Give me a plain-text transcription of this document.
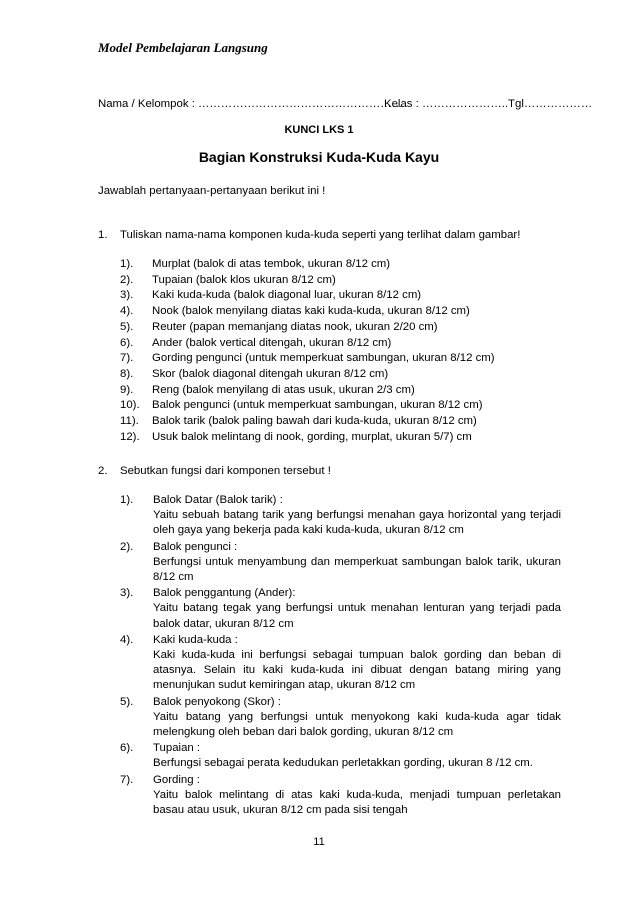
Model Pembelajaran Langsung
Nama / Kelompok : ………………………………………………
Kelas : …………………..Tgl………………
KUNCI LKS 1
Bagian Konstruksi Kuda-Kuda Kayu
Jawablah pertanyaan-pertanyaan berikut ini !
1. Tuliskan nama-nama komponen kuda-kuda seperti yang terlihat dalam gambar!
1).	Murplat (balok di atas tembok, ukuran 8/12 cm)
2).	Tupaian (balok klos ukuran 8/12 cm)
3).	Kaki kuda-kuda (balok diagonal luar, ukuran 8/12 cm)
4).	Nook (balok menyilang diatas kaki kuda-kuda, ukuran 8/12 cm)
5).	Reuter (papan memanjang diatas nook, ukuran 2/20 cm)
6).	Ander (balok vertical ditengah, ukuran 8/12 cm)
7).	Gording pengunci (untuk memperkuat sambungan, ukuran 8/12 cm)
8).	Skor (balok diagonal ditengah ukuran 8/12 cm)
9).	Reng (balok menyilang di atas usuk, ukuran 2/3 cm)
10).	Balok pengunci (untuk memperkuat sambungan, ukuran 8/12 cm)
11).	Balok tarik (balok paling bawah dari kuda-kuda, ukuran 8/12 cm)
12).	Usuk balok melintang di nook, gording, murplat, ukuran 5/7) cm
2. Sebutkan fungsi dari komponen tersebut !
1).	Balok Datar (Balok tarik) :
Yaitu sebuah batang tarik yang berfungsi menahan gaya horizontal yang terjadi oleh gaya yang bekerja pada kaki kuda-kuda, ukuran 8/12 cm
2).	Balok pengunci :
Berfungsi untuk menyambung dan memperkuat sambungan balok tarik, ukuran 8/12 cm
3).	Balok penggantung (Ander):
Yaitu batang tegak yang berfungsi untuk menahan lenturan yang terjadi pada balok datar, ukuran 8/12 cm
4).	Kaki kuda-kuda :
Kaki kuda-kuda ini berfungsi sebagai tumpuan balok gording dan beban di atasnya. Selain itu kaki kuda-kuda ini dibuat dengan batang miring yang menunjukan sudut kemiringan atap, ukuran 8/12 cm
5).	Balok penyokong (Skor) :
Yaitu batang yang berfungsi untuk menyokong kaki kuda-kuda agar tidak melengkung oleh beban dari balok gording, ukuran 8/12 cm
6).	Tupaian :
Berfungsi sebagai perata kedudukan perletakkan gording, ukuran 8 /12 cm.
7).	Gording :
Yaitu balok melintang di atas kaki kuda-kuda, menjadi tumpuan perletakan basau atau usuk, ukuran 8/12 cm pada sisi tengah
11
